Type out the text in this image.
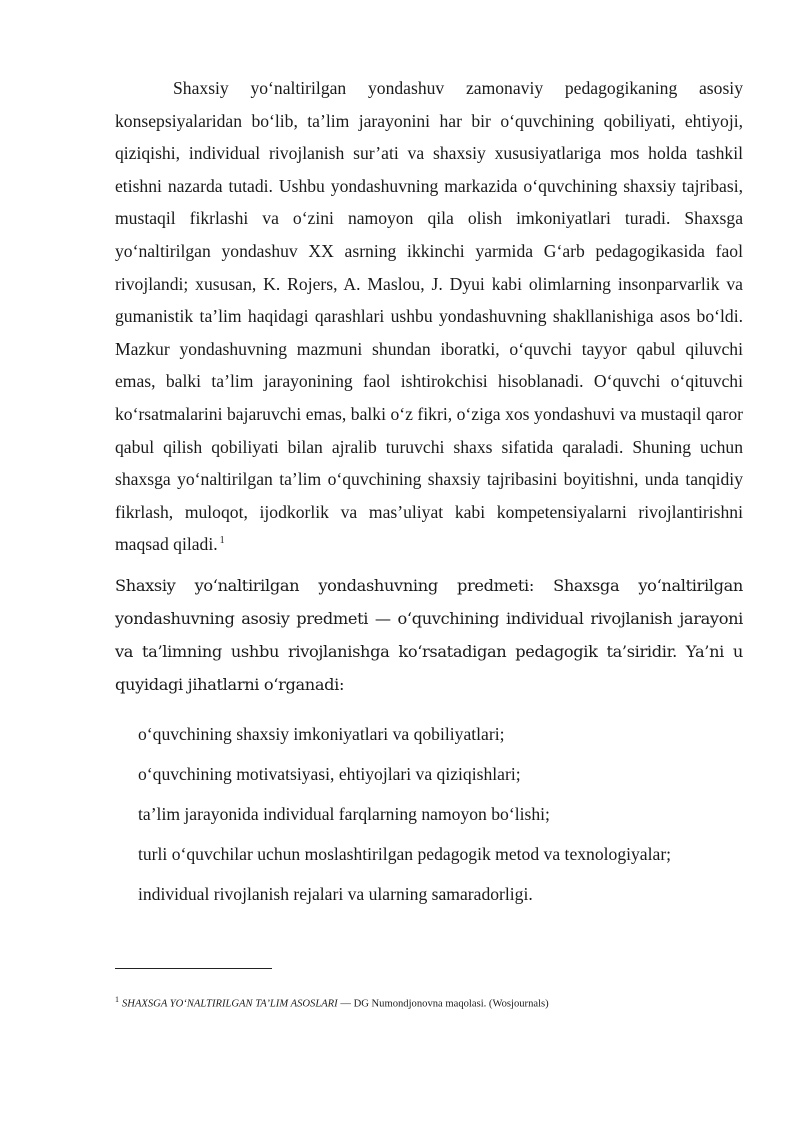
Shaxsiy yo‘naltirilgan yondashuv zamonaviy pedagogikaning asosiy konsepsiyalaridan bo‘lib, ta’lim jarayonini har bir o‘quvchining qobiliyati, ehtiyoji, qiziqishi, individual rivojlanish sur’ati va shaxsiy xususiyatlariga mos holda tashkil etishni nazarda tutadi. Ushbu yondashuvning markazida o‘quvchining shaxsiy tajribasi, mustaqil fikrlashi va o‘zini namoyon qila olish imkoniyatlari turadi. Shaxsga yo‘naltirilgan yondashuv XX asrning ikkinchi yarmida G‘arb pedagogikasida faol rivojlandi; xususan, K. Rojers, A. Maslou, J. Dyui kabi olimlarning insonparvarlik va gumanistik ta’lim haqidagi qarashlari ushbu yondashuvning shakllanishiga asos bo‘ldi. Mazkur yondashuvning mazmuni shundan iboratki, o‘quvchi tayyor qabul qiluvchi emas, balki ta’lim jarayonining faol ishtirokchisi hisoblanadi. O‘quvchi o‘qituvchi ko‘rsatmalarini bajaruvchi emas, balki o‘z fikri, o‘ziga xos yondashuvi va mustaqil qaror qabul qilish qobiliyati bilan ajralib turuvchi shaxs sifatida qaraladi. Shuning uchun shaxsga yo‘naltirilgan ta’lim o‘quvchining shaxsiy tajribasini boyitishni, unda tanqidiy fikrlash, muloqot, ijodkorlik va mas’uliyat kabi kompetensiyalarni rivojlantirishni maqsad qiladi. $^1$

Shaxsiy yo‘naltirilgan yondashuvning predmeti: Shaxsga yo‘naltirilgan yondashuvning asosiy predmeti — o‘quvchining individual rivojlanish jarayoni va ta’limning ushbu rivojlanishga ko‘rsatadigan pedagogik ta’siridir. Ya’ni u quyidagi jihatlarni o‘rganadi:

o‘quvchining shaxsiy imkoniyatlari va qobiliyatlari;
o‘quvchining motivatsiyasi, ehtiyojlari va qiziqishlari;
ta’lim jarayonida individual farqlarning namoyon bo‘lishi;
turli o‘quvchilar uchun moslashtirilgan pedagogik metod va texnologiyalar;
individual rivojlanish rejalari va ularning samaradorligi.
$^1$ SHAXSGA YO‘NALTIRILGAN TA’LIM ASOSLARI — DG Numondjonovna maqolasi. (Wosjournals)
